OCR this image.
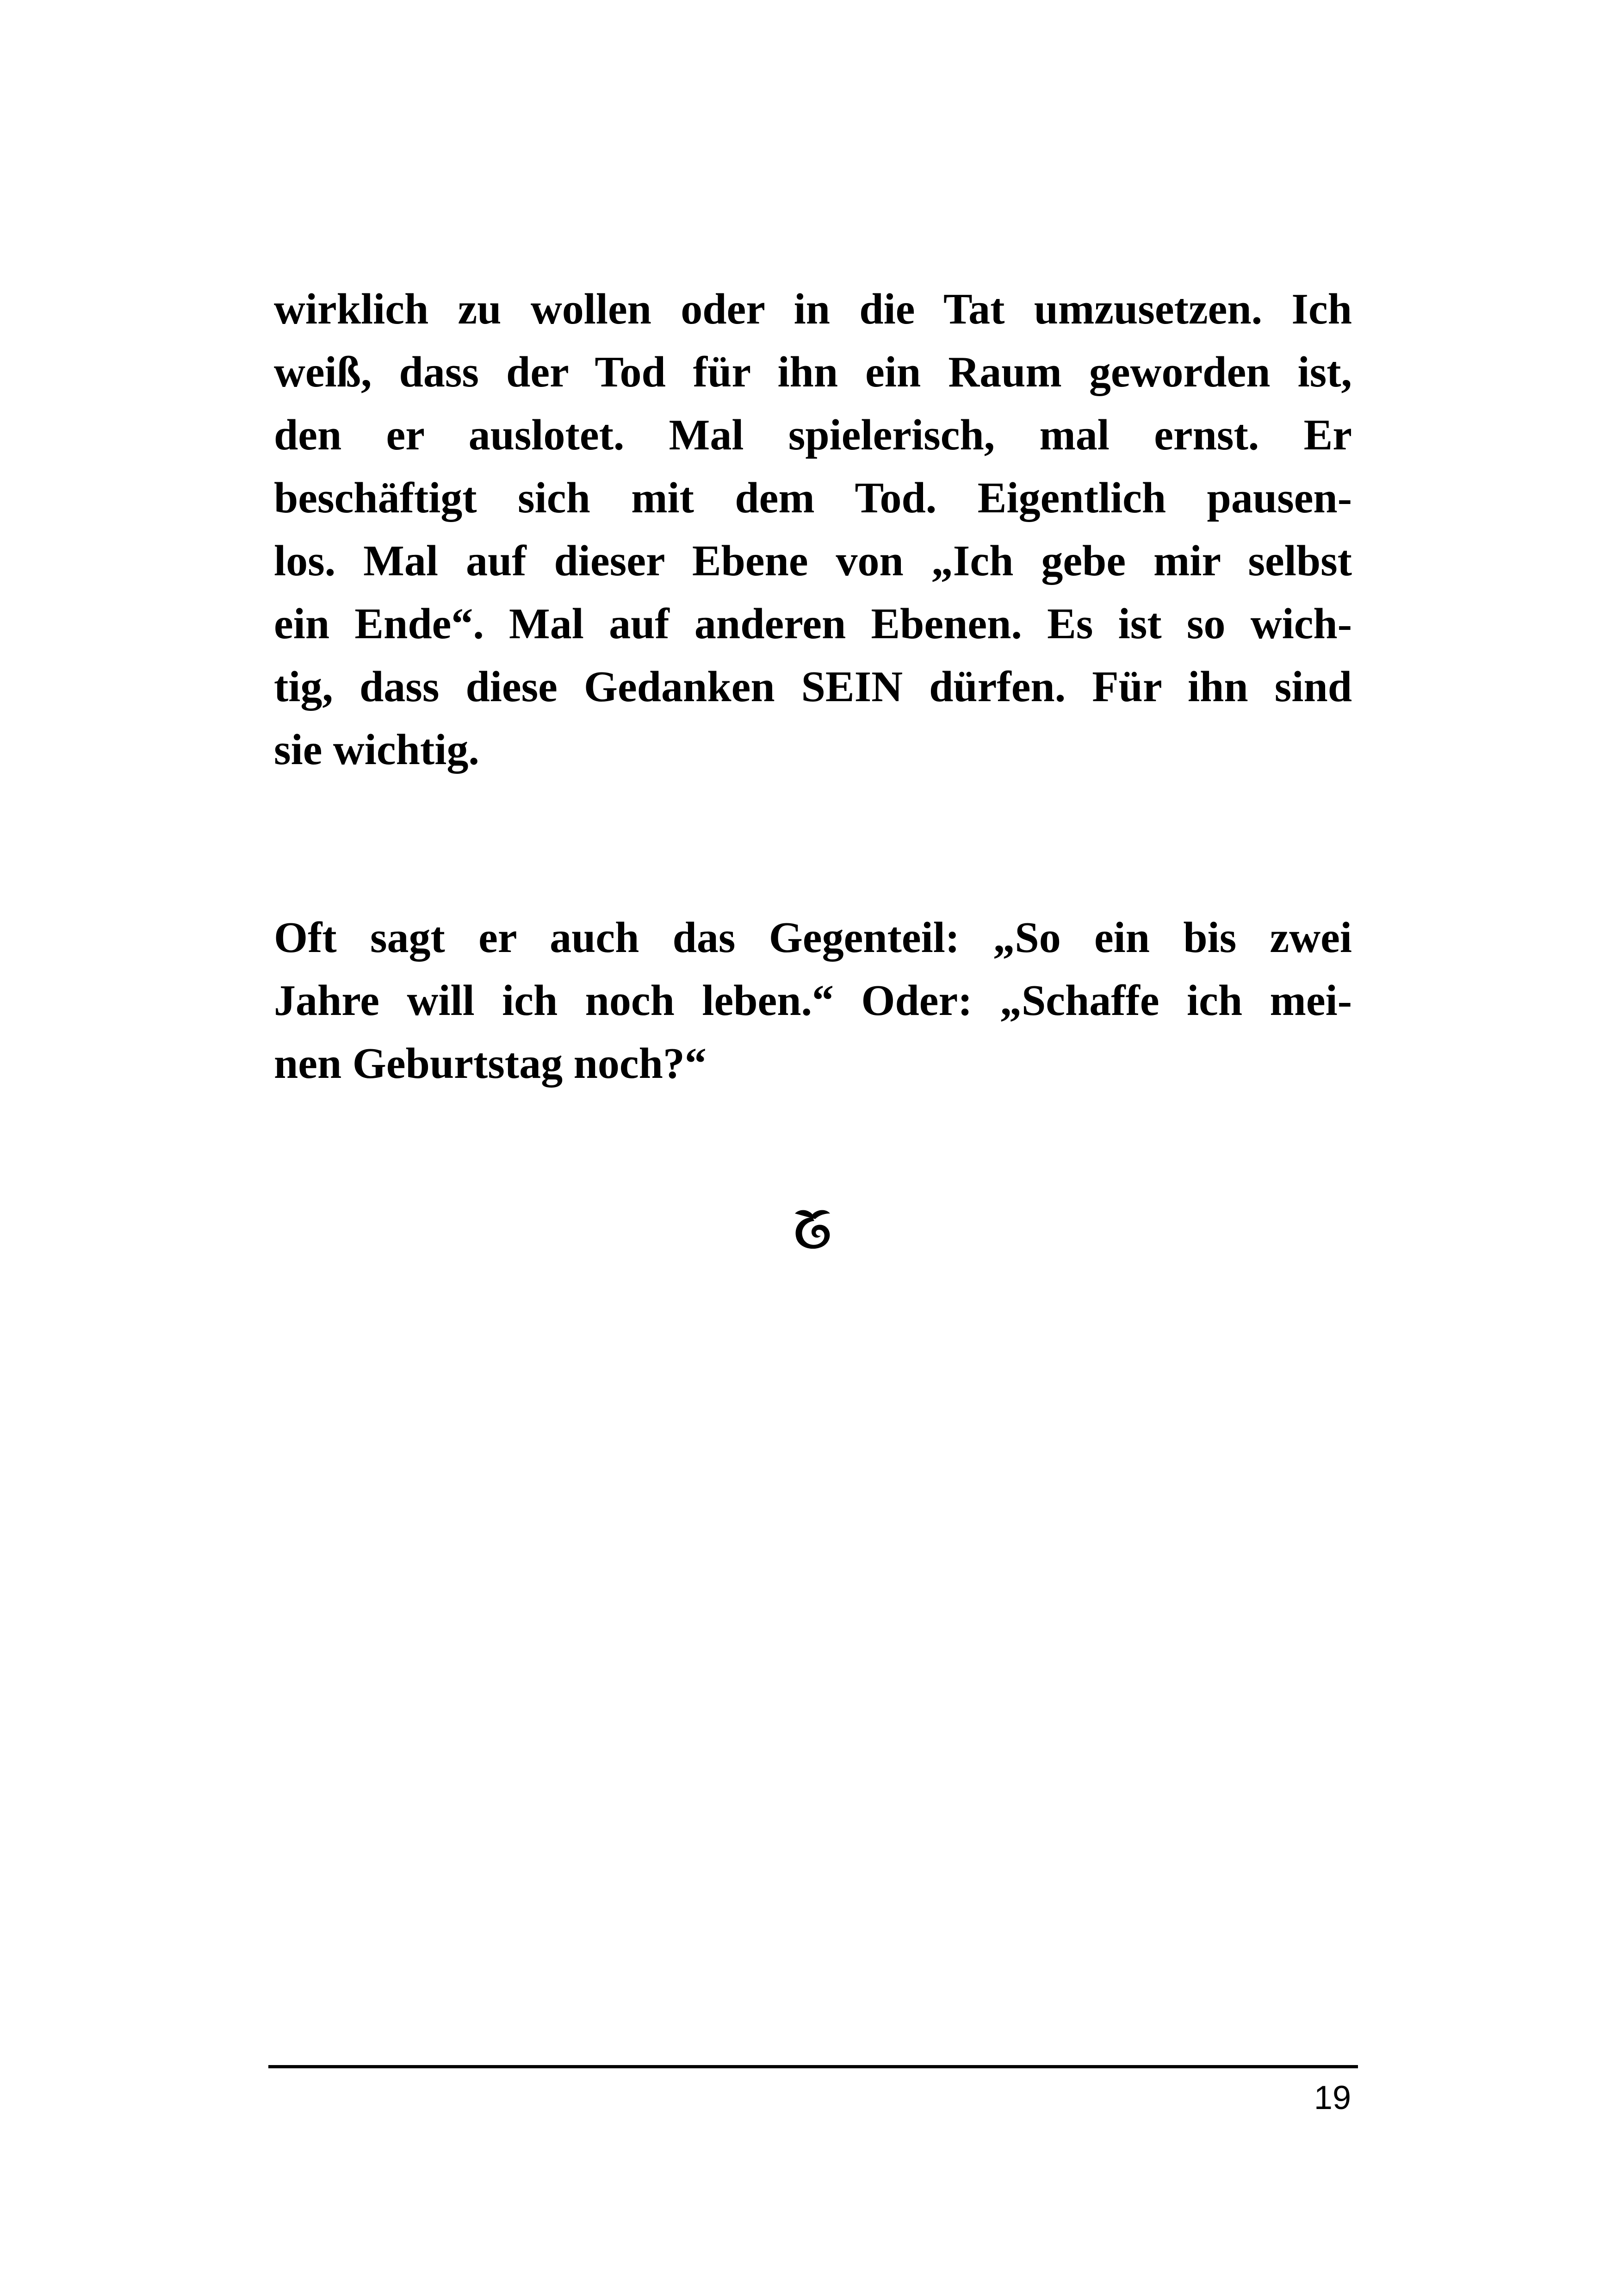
wirklich zu wollen oder in die Tat umzusetzen. Ich
weiß, dass der Tod für ihn ein Raum geworden ist,
den er auslotet. Mal spielerisch, mal ernst. Er
beschäftigt sich mit dem Tod. Eigentlich pausen-
los. Mal auf dieser Ebene von „Ich gebe mir selbst
ein Ende“. Mal auf anderen Ebenen. Es ist so wich-
tig, dass diese Gedanken SEIN dürfen. Für ihn sind
sie wichtig.
Oft sagt er auch das Gegenteil: „So ein bis zwei
Jahre will ich noch leben.“ Oder: „Schaffe ich mei-
nen Geburtstag noch?“
19
